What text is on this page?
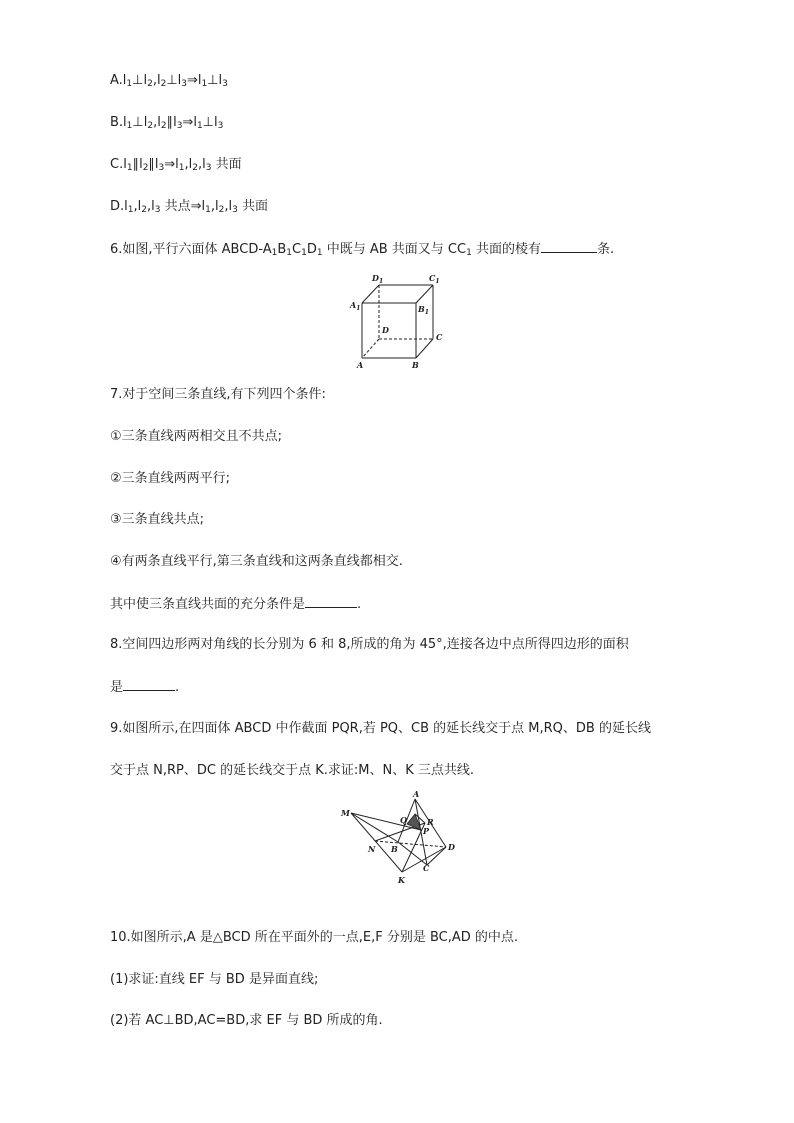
$A.l_1\perp l_2,l_2\perp l_3\Rightarrow l_1\perp l_3$
$B.l_1\perp l_2,l_2\parallel l_3\Rightarrow l_1\perp l_3$
$C.l_1\parallel l_2\parallel l_3\Rightarrow l_1,l_2,l_3$ 共面
$D.l_1,l_2,l_3$ 共点$\Rightarrow l_1,l_2,l_3$ 共面
6.如图,平行六面体 ABCD-$A_1B_1C_1D_1$ 中既与 AB 共面又与 $CC_1$ 共面的棱有	条.
$D_1$	$C_1$
$A_1$	$B_1$
D
C
A	B
7.对于空间三条直线,有下列四个条件:
①三条直线两两相交且不共点;
②三条直线两两平行;
③三条直线共点;
④有两条直线平行,第三条直线和这两条直线都相交.
其中使三条直线共面的充分条件是	.
8.空间四边形两对角线的长分别为 6 和 8,所成的角为 45°,连接各边中点所得四边形的面积
是	.
9.如图所示,在四面体 ABCD 中作截面 PQR,若 PQ、CB 的延长线交于点 M,RQ、DB 的延长线
交于点 N,RP、DC 的延长线交于点 K.求证:M、N、K 三点共线.
A
M
Q	R
P
N B	D
C
K
10.如图所示,A 是△BCD 所在平面外的一点,E,F 分别是 BC,AD 的中点.
(1)求证:直线 EF 与 BD 是异面直线;
(2)若 AC⊥BD,AC=BD,求 EF 与 BD 所成的角.
